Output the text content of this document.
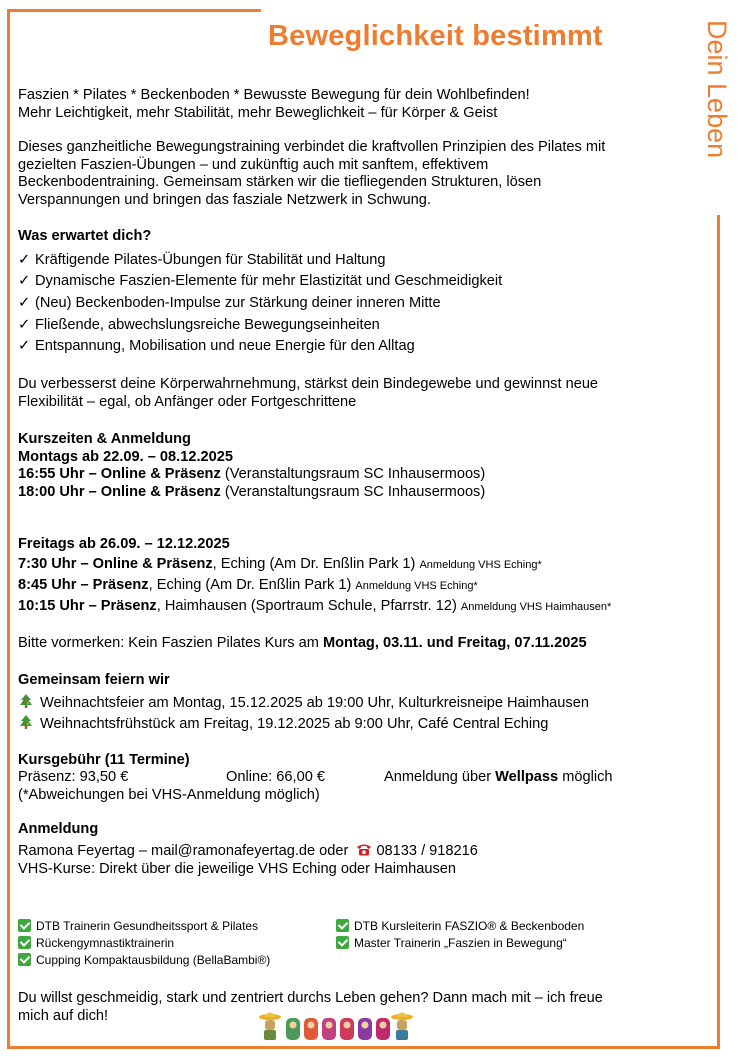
Beweglichkeit bestimmt	Dein Leben
Faszien * Pilates * Beckenboden * Bewusste Bewegung für dein Wohlbefinden!
Mehr Leichtigkeit, mehr Stabilität, mehr Beweglichkeit – für Körper & Geist
Dieses ganzheitliche Bewegungstraining verbindet die kraftvollen Prinzipien des Pilates mit
gezielten Faszien-Übungen – und zukünftig auch mit sanftem, effektivem
Beckenbodentraining. Gemeinsam stärken wir die tiefliegenden Strukturen, lösen
Verspannungen und bringen das fasziale Netzwerk in Schwung.
Was erwartet dich?
✓ Kräftigende Pilates-Übungen für Stabilität und Haltung
✓ Dynamische Faszien-Elemente für mehr Elastizität und Geschmeidigkeit
✓ (Neu) Beckenboden-Impulse zur Stärkung deiner inneren Mitte
✓ Fließende, abwechslungsreiche Bewegungseinheiten
✓ Entspannung, Mobilisation und neue Energie für den Alltag
Du verbesserst deine Körperwahrnehmung, stärkst dein Bindegewebe und gewinnst neue
Flexibilität – egal, ob Anfänger oder Fortgeschrittene
Kurszeiten & Anmeldung
Montags ab 22.09. – 08.12.2025
16:55 Uhr – Online & Präsenz (Veranstaltungsraum SC Inhausermoos)
18:00 Uhr – Online & Präsenz (Veranstaltungsraum SC Inhausermoos)
Freitags ab 26.09. – 12.12.2025
7:30 Uhr – Online & Präsenz, Eching (Am Dr. Enßlin Park 1) Anmeldung VHS Eching*
8:45 Uhr – Präsenz, Eching (Am Dr. Enßlin Park 1) Anmeldung VHS Eching*
10:15 Uhr – Präsenz, Haimhausen (Sportraum Schule, Pfarrstr. 12) Anmeldung VHS Haimhausen*
Bitte vormerken: Kein Faszien Pilates Kurs am Montag, 03.11. und Freitag, 07.11.2025
Gemeinsam feiern wir
Weihnachtsfeier am Montag, 15.12.2025 ab 19:00 Uhr, Kulturkreisneipe Haimhausen
Weihnachtsfrühstück am Freitag, 19.12.2025 ab 9:00 Uhr, Café Central Eching
Kursgebühr (11 Termine)
Präsenz: 93,50 €	Online: 66,00 €	Anmeldung über Wellpass möglich
(*Abweichungen bei VHS-Anmeldung möglich)
Anmeldung
Ramona Feyertag – mail@ramonafeyertag.de oder 08133 / 918216
VHS-Kurse: Direkt über die jeweilige VHS Eching oder Haimhausen
DTB Trainerin Gesundheitssport & Pilates
Rückengymnastiktrainerin
Cupping Kompaktausbildung (BellaBambi®)
DTB Kursleiterin FASZIO® & Beckenboden
Master Trainerin „Faszien in Bewegung“
Du willst geschmeidig, stark und zentriert durchs Leben gehen? Dann mach mit – ich freue
mich auf dich!
